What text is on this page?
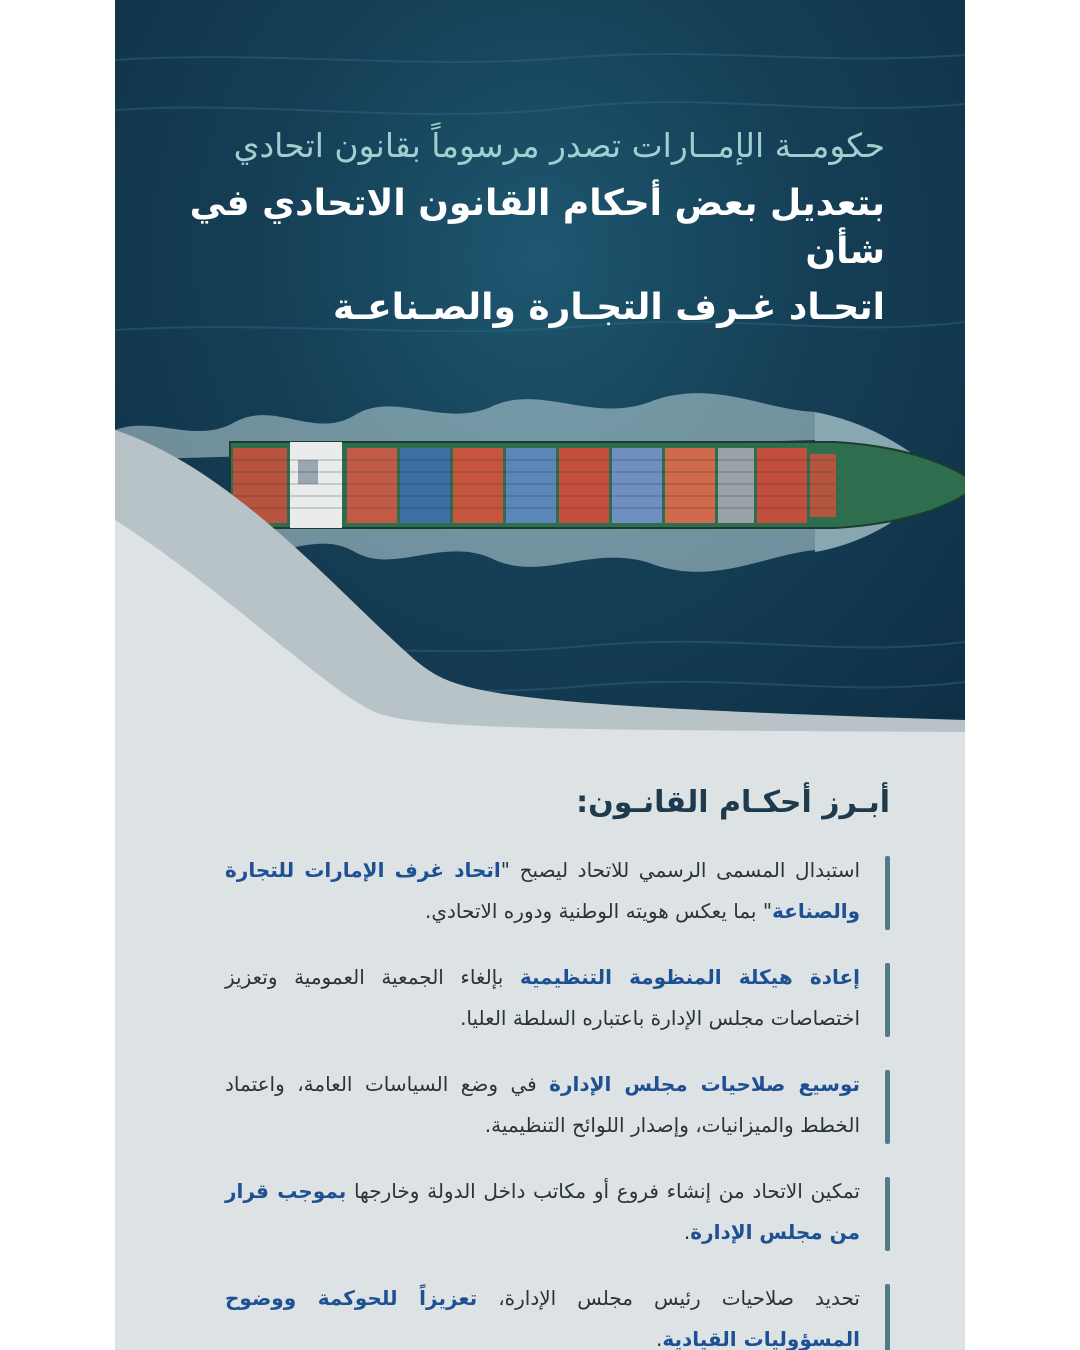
حكومــة الإمــارات تصدر مرسوماً بقانون اتحادي
بتعديل بعض أحكام القانون الاتحادي في شأن
اتحـاد غـرف التجـارة والصـناعـة
أبـرز أحكـام القانـون:

استبدال المسمى الرسمي للاتحاد ليصبح "اتحاد غرف الإمارات للتجارة والصناعة" بما يعكس هويته الوطنية ودوره الاتحادي.

إعادة هيكلة المنظومة التنظيمية بإلغاء الجمعية العمومية وتعزيز اختصاصات مجلس الإدارة باعتباره السلطة العليا.

توسيع صلاحيات مجلس الإدارة في وضع السياسات العامة، واعتماد الخطط والميزانيات، وإصدار اللوائح التنظيمية.

تمكين الاتحاد من إنشاء فروع أو مكاتب داخل الدولة وخارجها بموجب قرار من مجلس الإدارة.

تحديد صلاحيات رئيس مجلس الإدارة، تعزيزاً للحوكمة ووضوح المسؤوليات القيادية.
